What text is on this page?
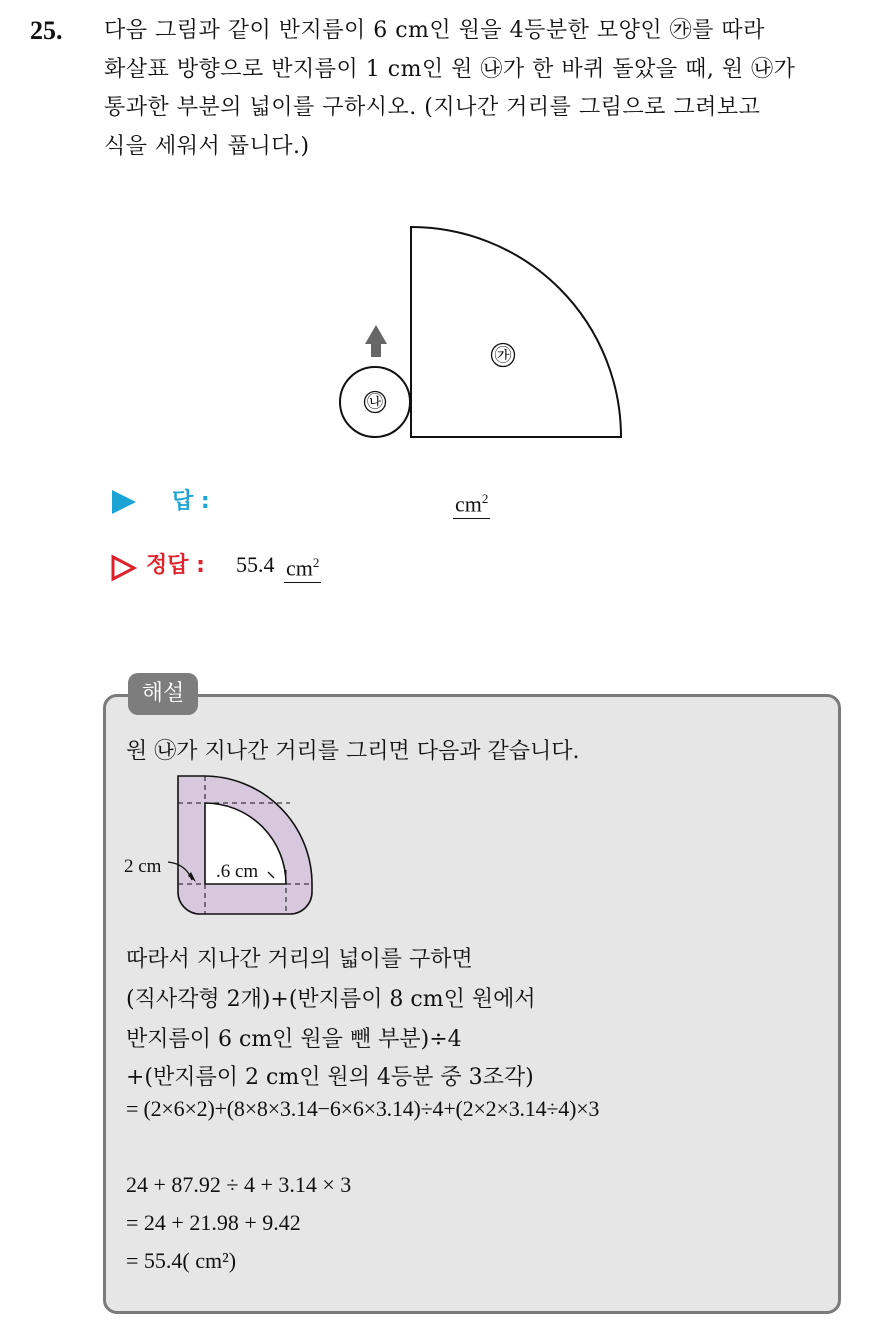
25. 다음 그림과 같이 반지름이 6 cm인 원을 4등분한 모양인 ㉮를 따라
화살표 방향으로 반지름이 1 cm인 원 ㉯가 한 바퀴 돌았을 때, 원 ㉯가
통과한 부분의 넓이를 구하시오. (지나간 거리를 그림으로 그려보고
식을 세워서 풉니다.)
㉯
㉮
답 :	$cm^2$
정답 : 55.4 $cm^2$
해설
원 ㉯가 지나간 거리를 그리면 다음과 같습니다.
2 cm	.6 cm
따라서 지나간 거리의 넓이를 구하면
(직사각형 2개)+(반지름이 8 cm인 원에서
반지름이 6 cm인 원을 뺀 부분)÷4
+(반지름이 2 cm인 원의 4등분 중 3조각)
= (2×6×2)+(8×8×3.14−6×6×3.14)÷4+(2×2×3.14÷4)×3
24 + 87.92 ÷ 4 + 3.14 × 3
= 24 + 21.98 + 9.42
= 55.4( cm²)
